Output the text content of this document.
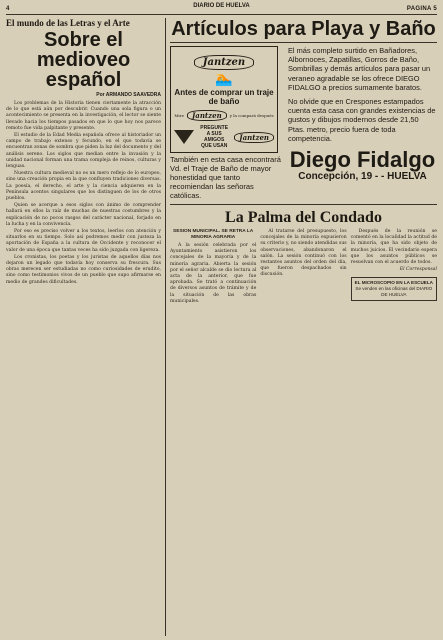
4	PAGINA 5
DIARIO DE HUELVA
El mundo de las Letras y el Arte
Sobre el medioveo
español
Por ARMANDO SAAVEDRA

Los problemas de la Historia tienen ciertamente la atracción de lo que está aún por descubrir. Cuando una sola figura o un acontecimiento se presenta en la investigación, el lector se siente llevado hacia los tiempos pasados en que lo que hoy nos parece remoto fue vida palpitante y presente.

El estudio de la Edad Media española ofrece al historiador un campo de trabajo extenso y fecundo, en el que todavía se encuentran zonas de sombra que piden la luz del documento y del análisis sereno. Los siglos que median entre la invasión y la unidad nacional forman una trama compleja de reinos, culturas y lenguas.

Nuestra cultura medieval no es un mero reflejo de lo europeo, sino una creación propia en la que confluyen tradiciones diversas. La poesía, el derecho, el arte y la ciencia adquieren en la Península acentos singulares que los distinguen de los de otros pueblos.

Quien se acerque a esos siglos con ánimo de comprender hallará en ellos la raíz de muchas de nuestras costumbres y la explicación de no pocos rasgos del carácter nacional, forjado en la lucha y en la convivencia.

Por eso es preciso volver a los textos, leerlos con atención y situarlos en su tiempo. Solo así podremos medir con justeza la aportación de España a la cultura de Occidente y reconocer el valor de una época que tantas veces ha sido juzgada con ligereza.

Los cronistas, los poetas y los juristas de aquellos días nos dejaron un legado que todavía hoy conserva su frescura. Sus obras merecen ser estudiadas no como curiosidades de erudito, sino como testimonios vivos de un pueblo que supo afirmarse en medio de grandes dificultades.

Artículos para Playa y Baño
Jantzen
🏊
Antes de comprar un traje de baño
Mire	Jantzen	y la compará después
PREGUNTE A SUS AMIGOS QUE USAN
Jantzen
También en esta casa encontrará Vd. el Traje de Baño de mayor honestidad que tanto recomiendan las señoras católicas.

El más completo surtido en Bañadores, Albornoces, Zapatillas, Gorros de Baño, Sombrillas y demás artículos para pasar un veraneo agradable se los ofrece DIEGO FIDALGO a precios sumamente baratos.

No olvide que en Crespones estampados cuenta esta casa con grandes existencias de gustos y dibujos modernos desde 21,50 Ptas. metro, precio fuera de toda competencia.

Diego Fidalgo
Concepción, 19 - - HUELVA
La Palma del Condado
SESION MUNICIPAL. SE RETRA LA MINORIA AGRARIA

A la sesión celebrada por el Ayuntamiento asistieron los concejales de la mayoría y de la minoría agraria. Abierta la sesión por el señor alcalde se dio lectura al acta de la anterior, que fue aprobada. Se trató a continuación de diversos asuntos de trámite y de la situación de las obras municipales.

Al tratarse del presupuesto, los concejales de la minoría expusieron su criterio y, no siendo atendidas sus observaciones, abandonaron el salón. La sesión continuó con los restantes asuntos del orden del día, que fueron despachados sin discusión.

Después de la reunión se comentó en la localidad la actitud de la minoría, que ha sido objeto de muchos juicios. El vecindario espera que los asuntos públicos se resuelvan con el acuerdo de todos.

El Corresponsal

EL MICROSCOPIO EN LA ESCUELA
Se venden en las oficinas del DIARIO DE HUELVA
